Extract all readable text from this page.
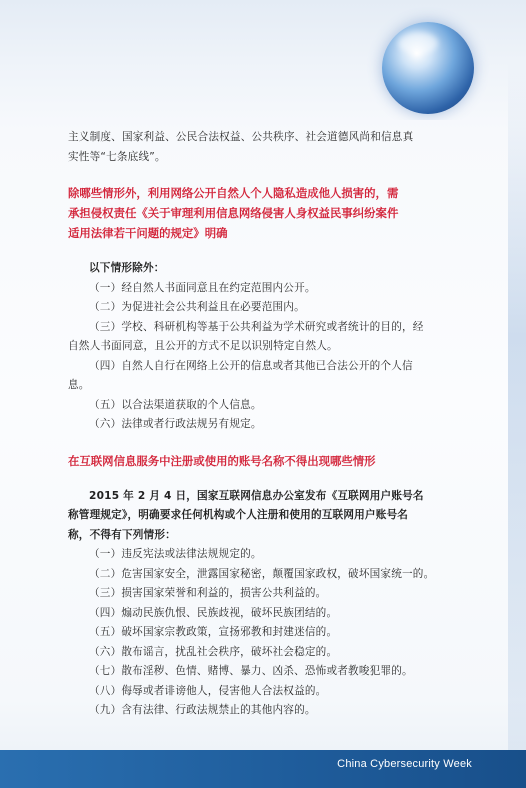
主义制度、国家利益、公民合法权益、公共秩序、社会道德风尚和信息真

实性等“七条底线”。

除哪些情形外，利用网络公开自然人个人隐私造成他人损害的，需

承担侵权责任《关于审理利用信息网络侵害人身权益民事纠纷案件

适用法律若干问题的规定》明确

以下情形除外：

（一）经自然人书面同意且在约定范围内公开。

（二）为促进社会公共利益且在必要范围内。

（三）学校、科研机构等基于公共利益为学术研究或者统计的目的，经

自然人书面同意，且公开的方式不足以识别特定自然人。

（四）自然人自行在网络上公开的信息或者其他已合法公开的个人信

息。

（五）以合法渠道获取的个人信息。

（六）法律或者行政法规另有规定。

在互联网信息服务中注册或使用的账号名称不得出现哪些情形

2015 年 2 月 4 日，国家互联网信息办公室发布《互联网用户账号名

称管理规定》，明确要求任何机构或个人注册和使用的互联网用户账号名

称，不得有下列情形：

（一）违反宪法或法律法规规定的。

（二）危害国家安全，泄露国家秘密，颠覆国家政权，破坏国家统一的。

（三）损害国家荣誉和利益的，损害公共利益的。

（四）煽动民族仇恨、民族歧视，破坏民族团结的。

（五）破坏国家宗教政策，宣扬邪教和封建迷信的。

（六）散布谣言，扰乱社会秩序，破坏社会稳定的。

（七）散布淫秽、色情、赌博、暴力、凶杀、恐怖或者教唆犯罪的。

（八）侮辱或者诽谤他人，侵害他人合法权益的。

（九）含有法律、行政法规禁止的其他内容的。

China Cybersecurity Week
